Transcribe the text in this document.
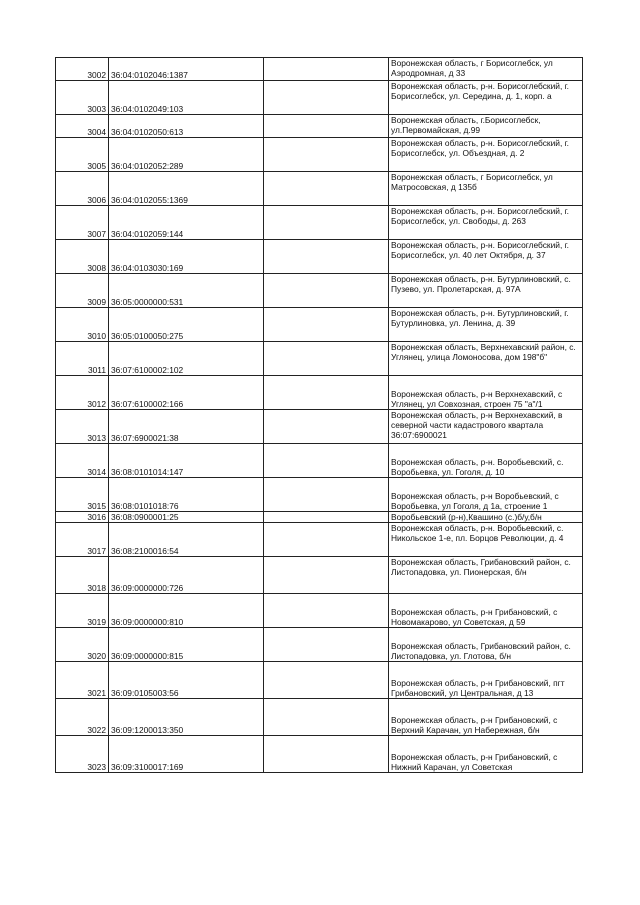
3002	36:04:0102046:1387		Воронежская область, г Борисоглебск, ул Аэродромная, д 33
3003	36:04:0102049:103		Воронежская область, р-н. Борисоглебский, г. Борисоглебск, ул. Середина, д. 1, корп. а
3004	36:04:0102050:613		Воронежская область, г.Борисоглебск, ул.Первомайская, д.99
3005	36:04:0102052:289		Воронежская область, р-н. Борисоглебский, г. Борисоглебск, ул. Объездная, д. 2
3006	36:04:0102055:1369		Воронежская область, г Борисоглебск, ул Матросовская, д 135б
3007	36:04:0102059:144		Воронежская область, р-н. Борисоглебский, г. Борисоглебск, ул. Свободы, д. 263
3008	36:04:0103030:169		Воронежская область, р-н. Борисоглебский, г. Борисоглебск, ул. 40 лет Октября, д. 37
3009	36:05:0000000:531		Воронежская область, р-н. Бутурлиновский, с. Пузево, ул. Пролетарская, д. 97А
3010	36:05:0100050:275		Воронежская область, р-н. Бутурлиновский, г. Бутурлиновка, ул. Ленина, д. 39
3011	36:07:6100002:102		Воронежская область, Верхнехавский район, с. Углянец, улица Ломоносова, дом 198"б"
3012	36:07:6100002:166		Воронежская область, р-н Верхнехавский, с Углянец, ул Совхозная, строен 75 "а"/1
3013	36:07:6900021:38		Воронежская область, р-н Верхнехавский, в северной части кадастрового квартала 36:07:6900021
3014	36:08:0101014:147		Воронежская область, р-н. Воробьевский, с. Воробьевка, ул. Гоголя, д. 10
3015	36:08:0101018:76		Воронежская область, р-н Воробьевский, с Воробьевка, ул Гоголя, д 1а, строение 1
3016	36:08:0900001:25		Воробьевский (р-н),Квашино (с.)б/у,б/н
3017	36:08:2100016:54		Воронежская область, р-н. Воробьевский, с. Никольское 1-е, пл. Борцов Революции, д. 4
3018	36:09:0000000:726		Воронежская область, Грибановский район, с. Листопадовка, ул. Пионерская, б/н
3019	36:09:0000000:810		Воронежская область, р-н Грибановский, с Новомакарово, ул Советская, д 59
3020	36:09:0000000:815		Воронежская область, Грибановский район, с. Листопадовка, ул. Глотова, б/н
3021	36:09:0105003:56		Воронежская область, р-н Грибановский, пгт Грибановский, ул Центральная, д 13
3022	36:09:1200013:350		Воронежская область, р-н Грибановский, с Верхний Карачан, ул Набережная, б/н
3023	36:09:3100017:169		Воронежская область, р-н Грибановский, с Нижний Карачан, ул Советская
